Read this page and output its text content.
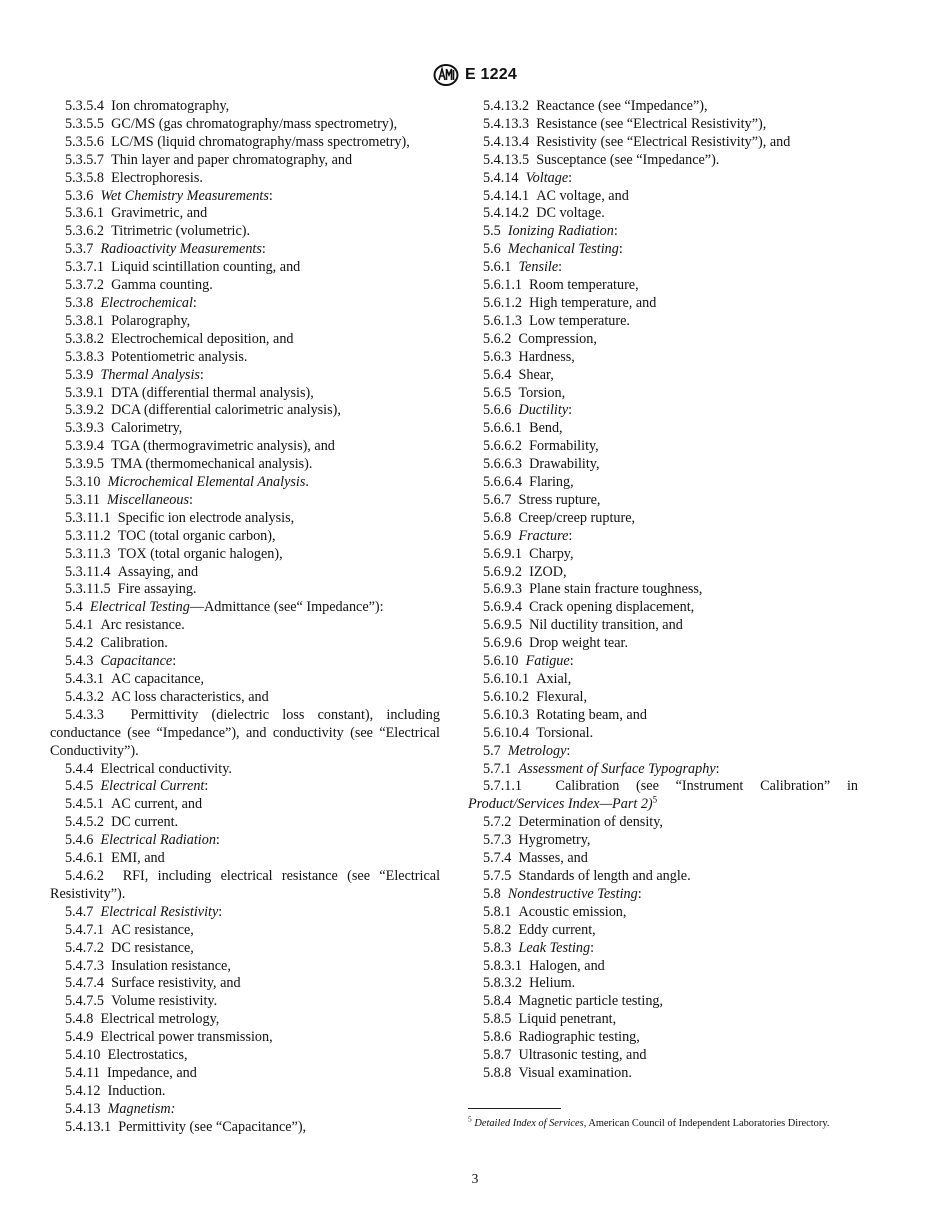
E 1224
5.3.5.4 Ion chromatography,
5.3.5.5 GC/MS (gas chromatography/mass spectrometry),
5.3.5.6 LC/MS (liquid chromatography/mass spectrometry),
5.3.5.7 Thin layer and paper chromatography, and
5.3.5.8 Electrophoresis.
5.3.6 Wet Chemistry Measurements:
5.3.6.1 Gravimetric, and
5.3.6.2 Titrimetric (volumetric).
5.3.7 Radioactivity Measurements:
5.3.7.1 Liquid scintillation counting, and
5.3.7.2 Gamma counting.
5.3.8 Electrochemical:
5.3.8.1 Polarography,
5.3.8.2 Electrochemical deposition, and
5.3.8.3 Potentiometric analysis.
5.3.9 Thermal Analysis:
5.3.9.1 DTA (differential thermal analysis),
5.3.9.2 DCA (differential calorimetric analysis),
5.3.9.3 Calorimetry,
5.3.9.4 TGA (thermogravimetric analysis), and
5.3.9.5 TMA (thermomechanical analysis).
5.3.10 Microchemical Elemental Analysis.
5.3.11 Miscellaneous:
5.3.11.1 Specific ion electrode analysis,
5.3.11.2 TOC (total organic carbon),
5.3.11.3 TOX (total organic halogen),
5.3.11.4 Assaying, and
5.3.11.5 Fire assaying.
5.4 Electrical Testing—Admittance (see“ Impedance”):
5.4.1 Arc resistance.
5.4.2 Calibration.
5.4.3 Capacitance:
5.4.3.1 AC capacitance,
5.4.3.2 AC loss characteristics, and
5.4.3.3 Permittivity (dielectric loss constant), including conductance (see “Impedance”), and conductivity (see “Electrical Conductivity”).
5.4.4 Electrical conductivity.
5.4.5 Electrical Current:
5.4.5.1 AC current, and
5.4.5.2 DC current.
5.4.6 Electrical Radiation:
5.4.6.1 EMI, and
5.4.6.2 RFI, including electrical resistance (see “Electrical Resistivity”).
5.4.7 Electrical Resistivity:
5.4.7.1 AC resistance,
5.4.7.2 DC resistance,
5.4.7.3 Insulation resistance,
5.4.7.4 Surface resistivity, and
5.4.7.5 Volume resistivity.
5.4.8 Electrical metrology,
5.4.9 Electrical power transmission,
5.4.10 Electrostatics,
5.4.11 Impedance, and
5.4.12 Induction.
5.4.13 Magnetism:
5.4.13.1 Permittivity (see “Capacitance”),
5.4.13.2 Reactance (see “Impedance”),
5.4.13.3 Resistance (see “Electrical Resistivity”),
5.4.13.4 Resistivity (see “Electrical Resistivity”), and
5.4.13.5 Susceptance (see “Impedance”).
5.4.14 Voltage:
5.4.14.1 AC voltage, and
5.4.14.2 DC voltage.
5.5 Ionizing Radiation:
5.6 Mechanical Testing:
5.6.1 Tensile:
5.6.1.1 Room temperature,
5.6.1.2 High temperature, and
5.6.1.3 Low temperature.
5.6.2 Compression,
5.6.3 Hardness,
5.6.4 Shear,
5.6.5 Torsion,
5.6.6 Ductility:
5.6.6.1 Bend,
5.6.6.2 Formability,
5.6.6.3 Drawability,
5.6.6.4 Flaring,
5.6.7 Stress rupture,
5.6.8 Creep/creep rupture,
5.6.9 Fracture:
5.6.9.1 Charpy,
5.6.9.2 IZOD,
5.6.9.3 Plane stain fracture toughness,
5.6.9.4 Crack opening displacement,
5.6.9.5 Nil ductility transition, and
5.6.9.6 Drop weight tear.
5.6.10 Fatigue:
5.6.10.1 Axial,
5.6.10.2 Flexural,
5.6.10.3 Rotating beam, and
5.6.10.4 Torsional.
5.7 Metrology:
5.7.1 Assessment of Surface Typography:
5.7.1.1 Calibration (see “Instrument Calibration” in Product/Services Index—Part 2)$^5$
5.7.2 Determination of density,
5.7.3 Hygrometry,
5.7.4 Masses, and
5.7.5 Standards of length and angle.
5.8 Nondestructive Testing:
5.8.1 Acoustic emission,
5.8.2 Eddy current,
5.8.3 Leak Testing:
5.8.3.1 Halogen, and
5.8.3.2 Helium.
5.8.4 Magnetic particle testing,
5.8.5 Liquid penetrant,
5.8.6 Radiographic testing,
5.8.7 Ultrasonic testing, and
5.8.8 Visual examination.
$^5$ Detailed Index of Services, American Council of Independent Laboratories Directory.
3
